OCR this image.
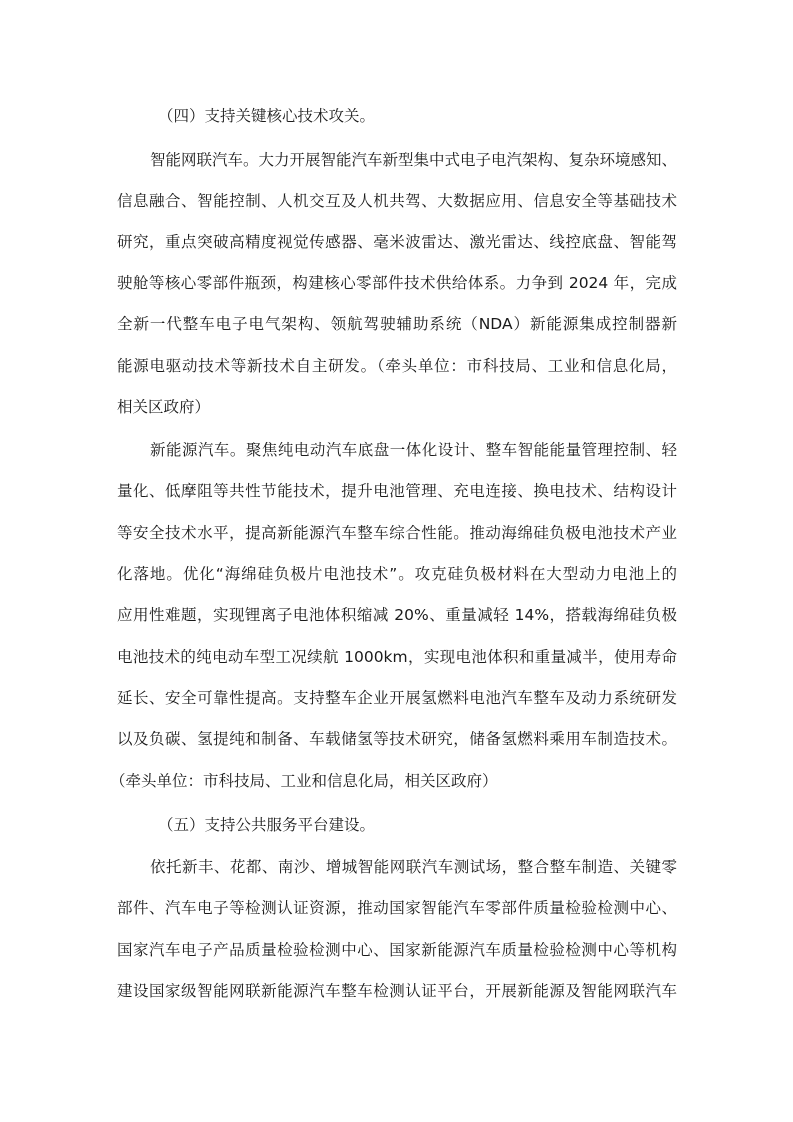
（四）支持关键核心技术攻关。
智能网联汽车。大力开展智能汽车新型集中式电子电汽架构、复杂环境感知、
信息融合、智能控制、人机交互及人机共驾、大数据应用、信息安全等基础技术
研究，重点突破高精度视觉传感器、毫米波雷达、激光雷达、线控底盘、智能驾
驶舱等核心零部件瓶颈，构建核心零部件技术供给体系。力争到 2024 年，完成
全新一代整车电子电气架构、领航驾驶辅助系统（NDA）新能源集成控制器新
能源电驱动技术等新技术自主研发。（牵头单位：市科技局、工业和信息化局，
相关区政府）
新能源汽车。聚焦纯电动汽车底盘一体化设计、整车智能能量管理控制、轻
量化、低摩阻等共性节能技术，提升电池管理、充电连接、换电技术、结构设计
等安全技术水平，提高新能源汽车整车综合性能。推动海绵硅负极电池技术产业
化落地。优化“海绵硅负极片电池技术”。攻克硅负极材料在大型动力电池上的
应用性难题，实现锂离子电池体积缩减 20%、重量减轻 14%，搭载海绵硅负极
电池技术的纯电动车型工况续航 1000km，实现电池体积和重量减半，使用寿命
延长、安全可靠性提高。支持整车企业开展氢燃料电池汽车整车及动力系统研发
以及负碳、氢提纯和制备、车载储氢等技术研究，储备氢燃料乘用车制造技术。
（牵头单位：市科技局、工业和信息化局，相关区政府）
（五）支持公共服务平台建设。
依托新丰、花都、南沙、增城智能网联汽车测试场，整合整车制造、关键零
部件、汽车电子等检测认证资源，推动国家智能汽车零部件质量检验检测中心、
国家汽车电子产品质量检验检测中心、国家新能源汽车质量检验检测中心等机构
建设国家级智能网联新能源汽车整车检测认证平台，开展新能源及智能网联汽车
